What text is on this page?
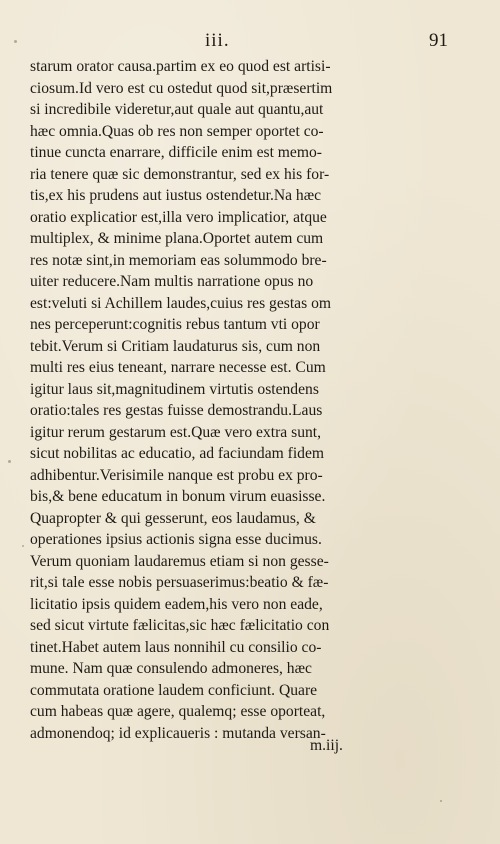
iii.	91
starum orator causa.partim ex eo quod est artisi-
ciosum.Id vero est cu ostedut quod sit,præsertim
si incredibile videretur,aut quale aut quantu,aut
hæc omnia.Quas ob res non semper oportet co-
tinue cuncta enarrare, difficile enim est memo-
ria tenere quæ sic demonstrantur, sed ex his for-
tis,ex his prudens aut iustus ostendetur.Na hæc
oratio explicatior est,illa vero implicatior, atque
multiplex, & minime plana.Oportet autem cum
res notæ sint,in memoriam eas solummodo bre-
uiter reducere.Nam multis narratione opus no
est:veluti si Achillem laudes,cuius res gestas om
nes perceperunt:cognitis rebus tantum vti opor
tebit.Verum si Critiam laudaturus sis, cum non
multi res eius teneant, narrare necesse est. Cum
igitur laus sit,magnitudinem virtutis ostendens
oratio:tales res gestas fuisse demostrandu.Laus
igitur rerum gestarum est.Quæ vero extra sunt,
sicut nobilitas ac educatio, ad faciundam fidem
adhibentur.Verisimile nanque est probu ex pro-
bis,& bene educatum in bonum virum euasisse.
Quapropter & qui gesserunt, eos laudamus, &
operationes ipsius actionis signa esse ducimus.
Verum quoniam laudaremus etiam si non gesse-
rit,si tale esse nobis persuaserimus:beatio & fæ-
licitatio ipsis quidem eadem,his vero non eade,
sed sicut virtute fælicitas,sic hæc fælicitatio con
tinet.Habet autem laus nonnihil cu consilio co-
mune. Nam quæ consulendo admoneres, hæc
commutata oratione laudem conficiunt. Quare
cum habeas quæ agere, qualemq; esse oporteat,
admonendoq; id explicaueris : mutanda versan-
m.iij.
